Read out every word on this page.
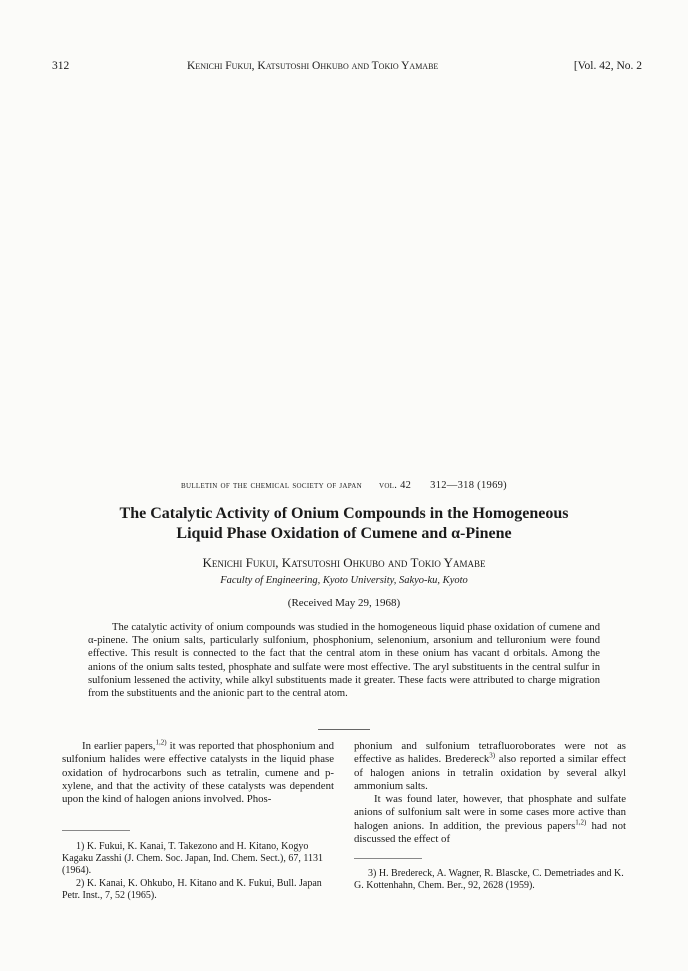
312	Kenichi Fukui, Katsutoshi Ohkubo and Tokio Yamabe	[Vol. 42, No. 2
bulletin of the chemical society of japan vol. 42 312—318 (1969)
The Catalytic Activity of Onium Compounds in the Homogeneous
Liquid Phase Oxidation of Cumene and α-Pinene
Kenichi Fukui, Katsutoshi Ohkubo and Tokio Yamabe
Faculty of Engineering, Kyoto University, Sakyo-ku, Kyoto
(Received May 29, 1968)
The catalytic activity of onium compounds was studied in the homogeneous liquid phase oxidation of cumene and α-pinene. The onium salts, particularly sulfonium, phosphonium, selenonium, arsonium and telluronium were found effective. This result is connected to the fact that the central atom in these onium has vacant d orbitals. Among the anions of the onium salts tested, phosphate and sulfate were most effective. The aryl substituents in the central sulfur in sulfonium lessened the activity, while alkyl substituents made it greater. These facts were attributed to charge migration from the substituents and the anionic part to the central atom.
In earlier papers,$^{1,2)}$ it was reported that phosphonium and sulfonium halides were effective catalysts in the liquid phase oxidation of hydrocarbons such as tetralin, cumene and p-xylene, and that the activity of these catalysts was dependent upon the kind of halogen anions involved. Phos-

1) K. Fukui, K. Kanai, T. Takezono and H. Kitano, Kogyo Kagaku Zasshi (J. Chem. Soc. Japan, Ind. Chem. Sect.), 67, 1131 (1964).

2) K. Kanai, K. Ohkubo, H. Kitano and K. Fukui, Bull. Japan Petr. Inst., 7, 52 (1965).

phonium and sulfonium tetrafluoroborates were not as effective as halides. Bredereck$^{3)}$ also reported a similar effect of halogen anions in tetralin oxidation by several alkyl ammonium salts.

It was found later, however, that phosphate and sulfate anions of sulfonium salt were in some cases more active than halogen anions. In addition, the previous papers$^{1,2)}$ had not discussed the effect of

3) H. Bredereck, A. Wagner, R. Blascke, C. Demetriades and K. G. Kottenhahn, Chem. Ber., 92, 2628 (1959).
